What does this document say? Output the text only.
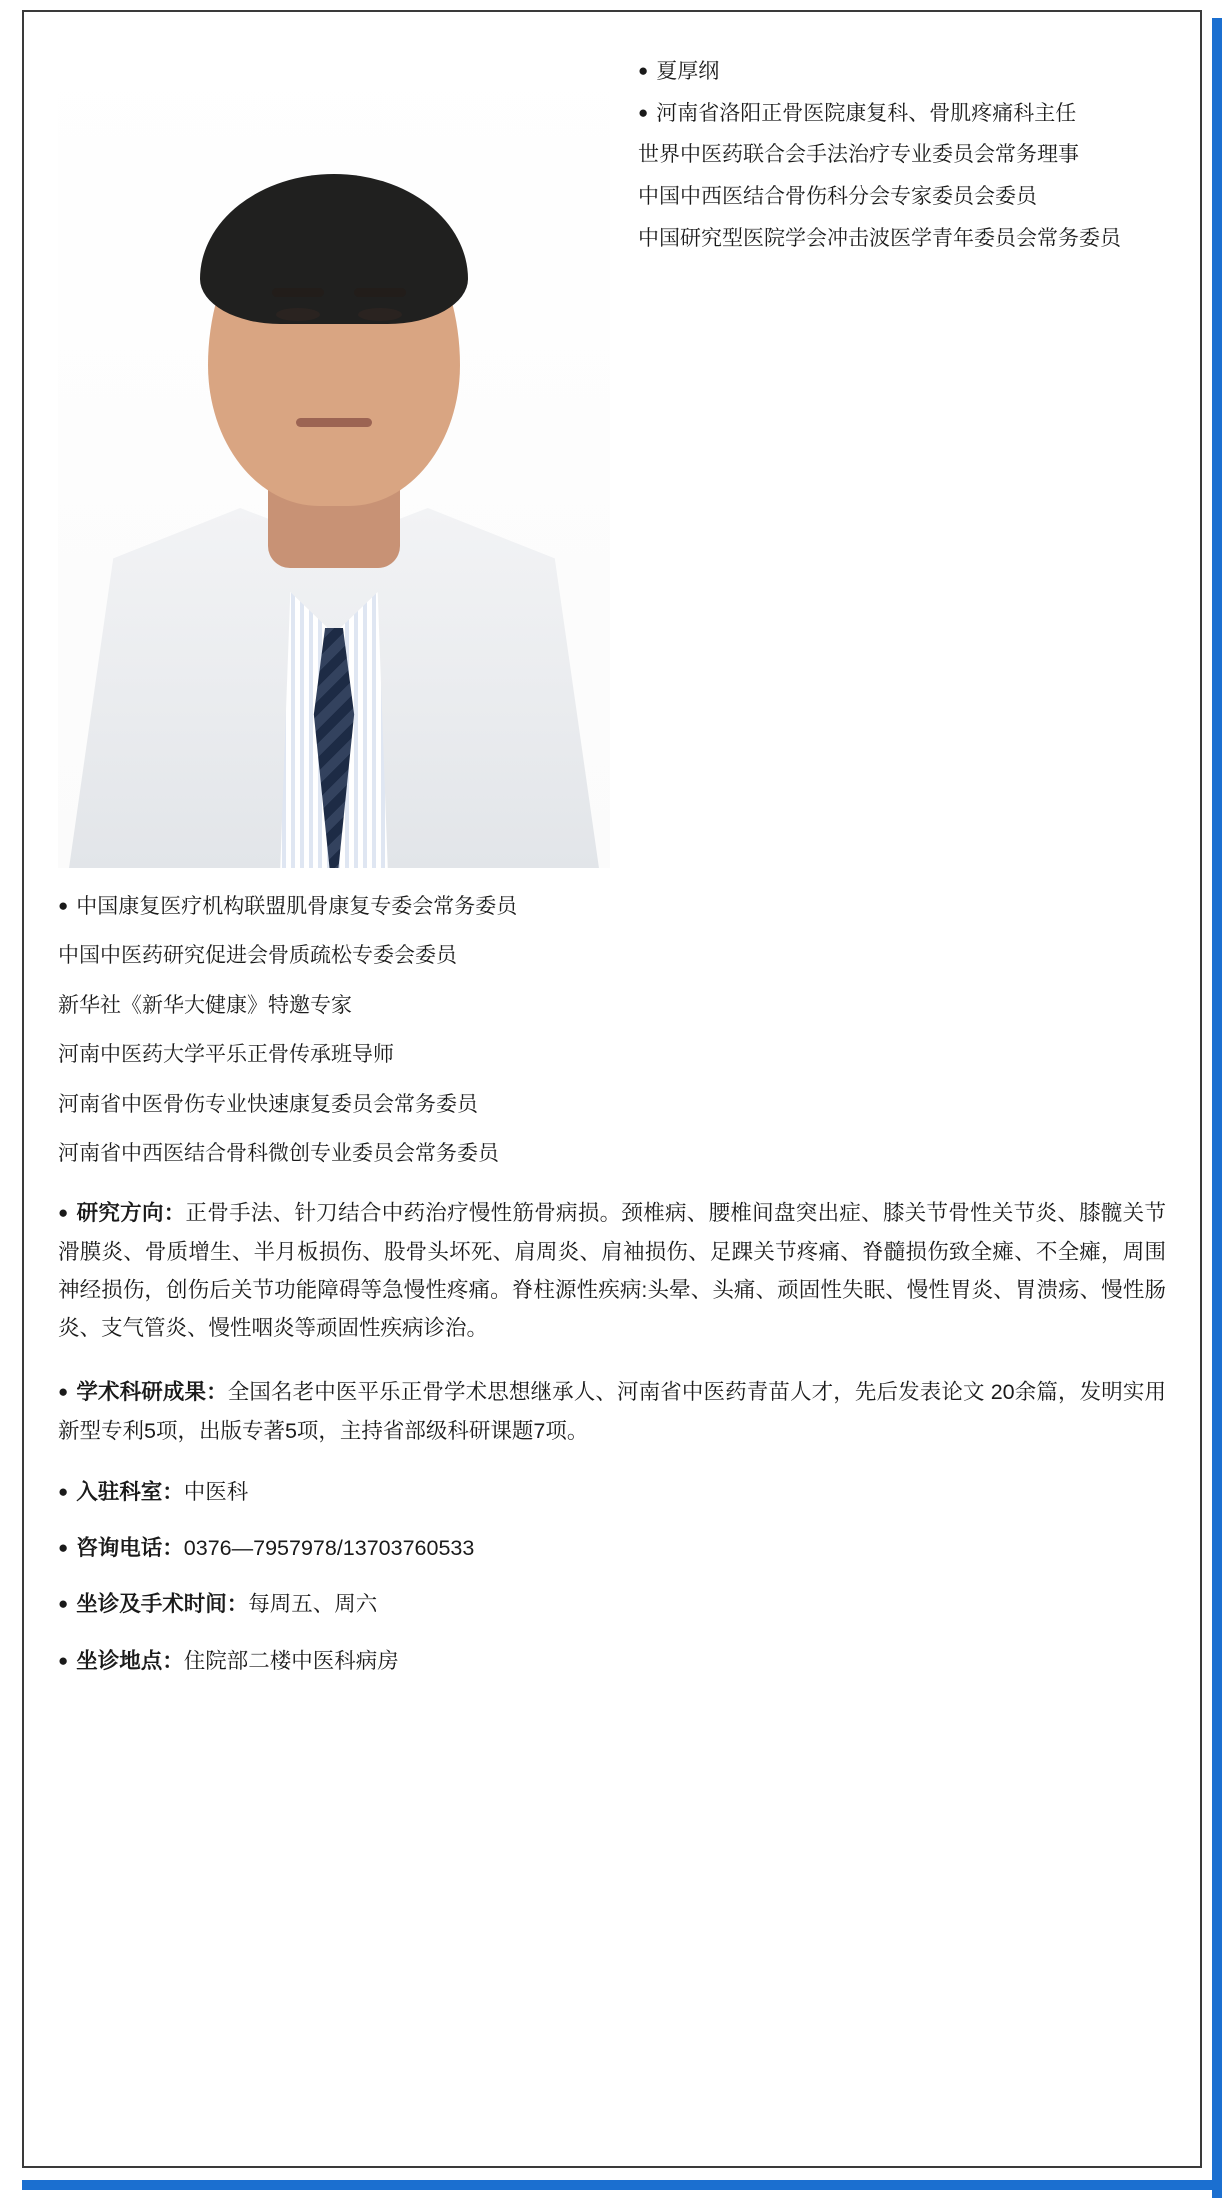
● 夏厚纲
● 河南省洛阳正骨医院康复科、骨肌疼痛科主任
世界中医药联合会手法治疗专业委员会常务理事
中国中西医结合骨伤科分会专家委员会委员
中国研究型医院学会冲击波医学青年委员会常务委员
● 中国康复医疗机构联盟肌骨康复专委会常务委员
中国中医药研究促进会骨质疏松专委会委员
新华社《新华大健康》特邀专家
河南中医药大学平乐正骨传承班导师
河南省中医骨伤专业快速康复委员会常务委员
河南省中西医结合骨科微创专业委员会常务委员
● 研究方向：正骨手法、针刀结合中药治疗慢性筋骨病损。颈椎病、腰椎间盘突出症、膝关节骨性关节炎、膝髋关节滑膜炎、骨质增生、半月板损伤、股骨头坏死、肩周炎、肩袖损伤、足踝关节疼痛、脊髓损伤致全瘫、不全瘫，周围神经损伤，创伤后关节功能障碍等急慢性疼痛。脊柱源性疾病:头晕、头痛、顽固性失眠、慢性胃炎、胃溃疡、慢性肠炎、支气管炎、慢性咽炎等顽固性疾病诊治。
● 学术科研成果：全国名老中医平乐正骨学术思想继承人、河南省中医药青苗人才，先后发表论文 20余篇，发明实用新型专利5项，出版专著5项，主持省部级科研课题7项。
● 入驻科室：中医科
● 咨询电话：0376—7957978/13703760533
● 坐诊及手术时间：每周五、周六
● 坐诊地点：住院部二楼中医科病房
